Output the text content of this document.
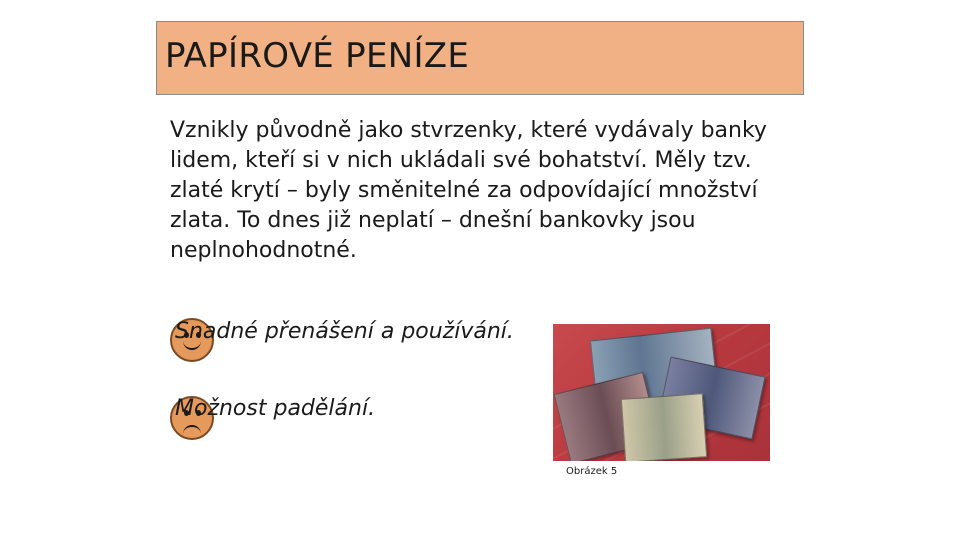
PAPÍROVÉ PENÍZE
Vznikly původně jako stvrzenky, které vydávaly banky lidem, kteří si v nich ukládali své bohatství. Měly tzv. zlaté krytí – byly směnitelné za odpovídající množství zlata. To dnes již neplatí – dnešní bankovky jsou neplnohodnotné.
Snadné přenášení a používání.
Možnost padělání.
Obrázek 5
